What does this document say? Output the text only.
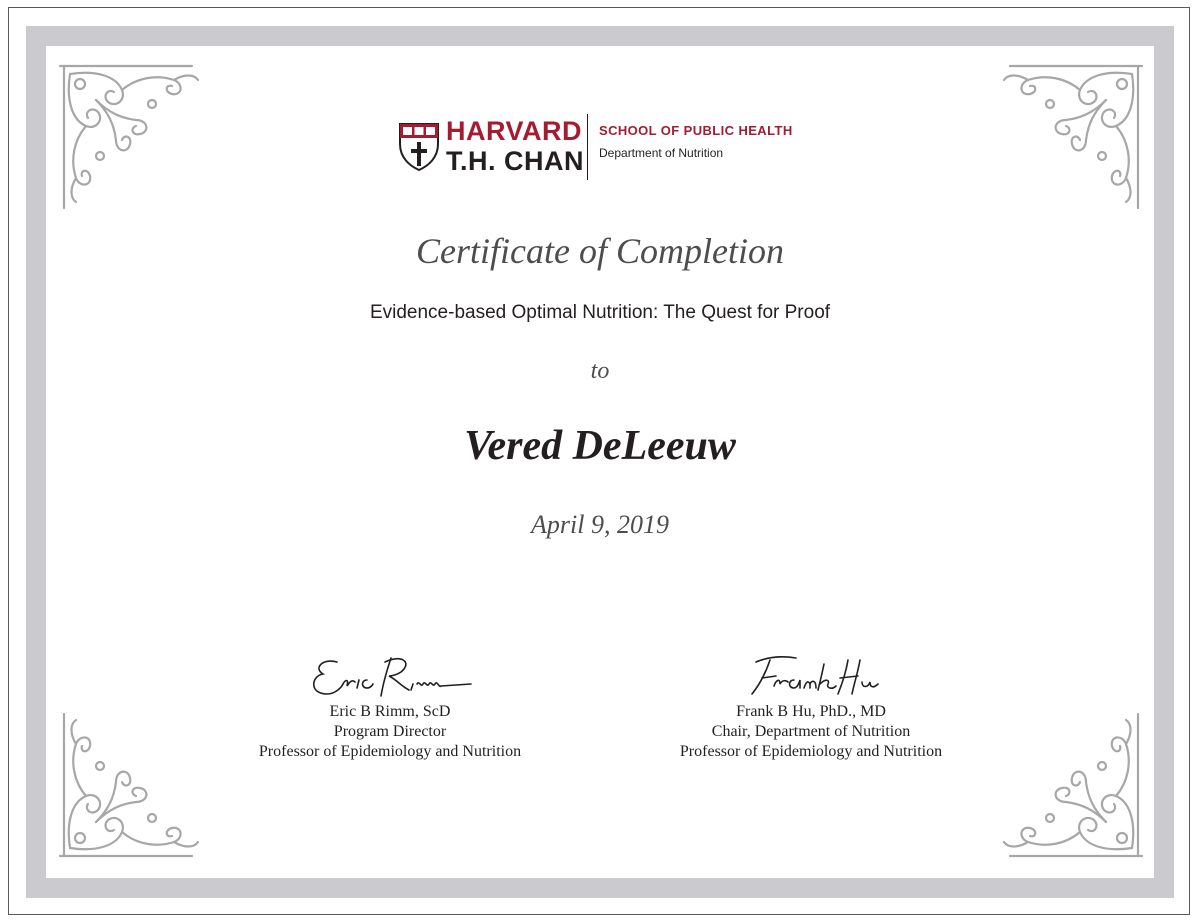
HARVARD
T.H. CHAN
SCHOOL OF PUBLIC HEALTH
Department of Nutrition
Certificate of Completion
Evidence-based Optimal Nutrition: The Quest for Proof
to
Vered DeLeeuw
April 9, 2019
Eric B Rimm, ScD
Program Director
Professor of Epidemiology and Nutrition
Frank B Hu, PhD., MD
Chair, Department of Nutrition
Professor of Epidemiology and Nutrition
